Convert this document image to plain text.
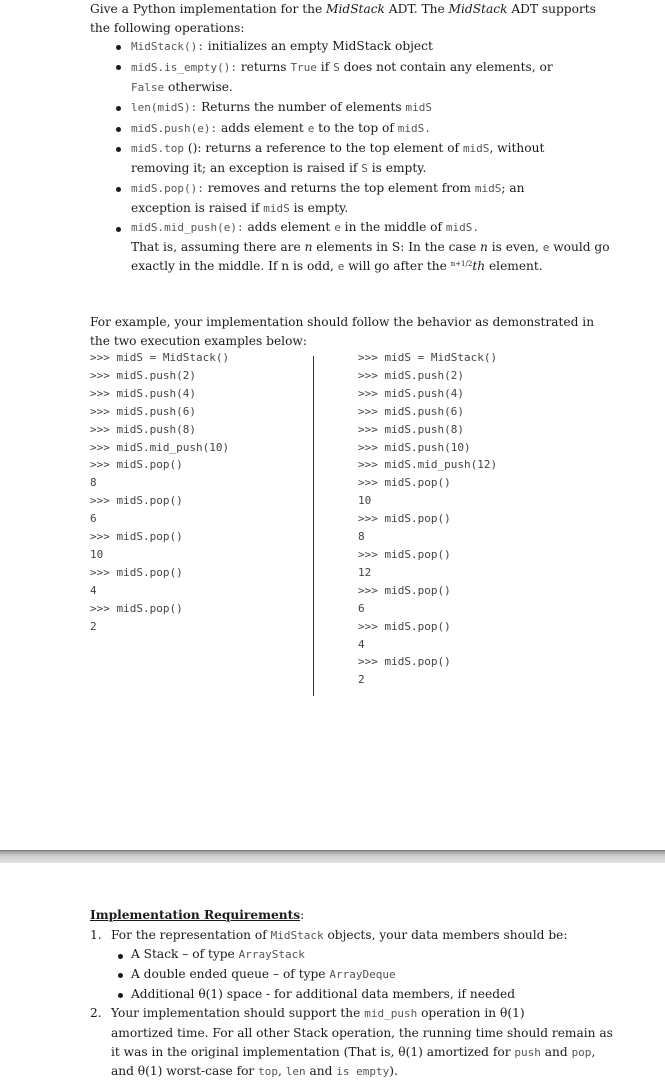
Give a Python implementation for the MidStack ADT. The MidStack ADT supports
the following operations:
MidStack(): initializes an empty MidStack object
midS.is_empty(): returns True if S does not contain any elements, or
False otherwise.
len(midS): Returns the number of elements midS
midS.push(e): adds element e to the top of midS.
midS.top (): returns a reference to the top element of midS, without
removing it; an exception is raised if S is empty.
midS.pop(): removes and returns the top element from midS; an
exception is raised if midS is empty.
midS.mid_push(e): adds element e in the middle of midS.
That is, assuming there are n elements in S: In the case n is even, e would go
exactly in the middle. If n is odd, e will go after the $^{n+1/2}$th element.
For example, your implementation should follow the behavior as demonstrated in
the two execution examples below:
>>> midS = MidStack()
>>> midS.push(2)
>>> midS.push(4)
>>> midS.push(6)
>>> midS.push(8)
>>> midS.mid_push(10)
>>> midS.pop()
8
>>> midS.pop()
6
>>> midS.pop()
10
>>> midS.pop()
4
>>> midS.pop()
2
>>> midS = MidStack()
>>> midS.push(2)
>>> midS.push(4)
>>> midS.push(6)
>>> midS.push(8)
>>> midS.push(10)
>>> midS.mid_push(12)
>>> midS.pop()
10
>>> midS.pop()
8
>>> midS.pop()
12
>>> midS.pop()
6
>>> midS.pop()
4
>>> midS.pop()
2
Implementation Requirements:
1. For the representation of MidStack objects, your data members should be:
A Stack – of type ArrayStack
A double ended queue – of type ArrayDeque
Additional θ(1) space - for additional data members, if needed
2. Your implementation should support the mid_push operation in θ(1)
amortized time. For all other Stack operation, the running time should remain as
it was in the original implementation (That is, θ(1) amortized for push and pop,
and θ(1) worst-case for top, len and is empty).
